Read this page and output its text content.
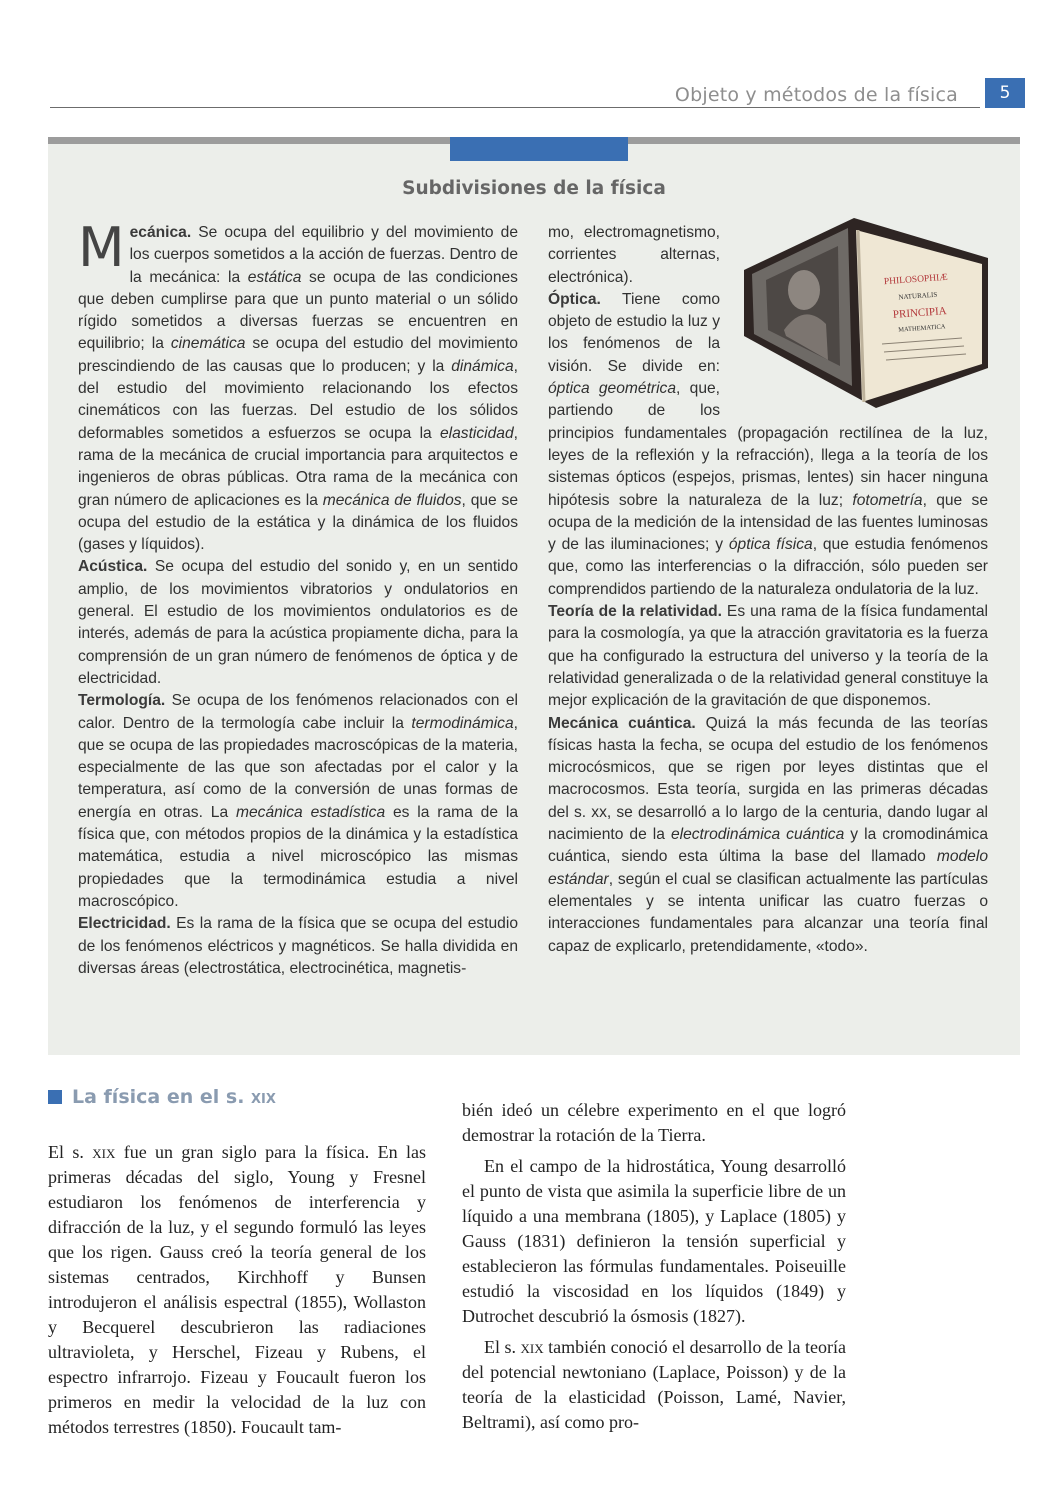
Objeto y métodos de la física	5
Subdivisiones de la física

Mecánica. Se ocupa del equilibrio y del movimiento de los cuerpos sometidos a la acción de fuerzas. Dentro de la mecánica: la estática se ocupa de las condiciones que deben cumplirse para que un punto material o un sólido rígido sometidos a diversas fuerzas se encuentren en equilibrio; la cinemática se ocupa del estudio del movimiento prescindiendo de las causas que lo producen; y la dinámica, del estudio del movimiento relacionando los efectos cinemáticos con las fuerzas. Del estudio de los sólidos deformables sometidos a esfuerzos se ocupa la elasticidad, rama de la mecánica de crucial importancia para arquitectos e ingenieros de obras públicas. Otra rama de la mecánica con gran número de aplicaciones es la mecánica de fluidos, que se ocupa del estudio de la estática y la dinámica de los fluidos (gases y líquidos).

Acústica. Se ocupa del estudio del sonido y, en un sentido amplio, de los movimientos vibratorios y ondulatorios en general. El estudio de los movimientos ondulatorios es de interés, además de para la acústica propiamente dicha, para la comprensión de un gran número de fenómenos de óptica y de electricidad.

Termología. Se ocupa de los fenómenos relacionados con el calor. Dentro de la termología cabe incluir la termodinámica, que se ocupa de las propiedades macroscópicas de la materia, especialmente de las que son afectadas por el calor y la temperatura, así como de la conversión de unas formas de energía en otras. La mecánica estadística es la rama de la física que, con métodos propios de la dinámica y la estadística matemática, estudia a nivel microscópico las mismas propiedades que la termodinámica estudia a nivel macroscópico.

Electricidad. Es la rama de la física que se ocupa del estudio de los fenómenos eléctricos y magnéticos. Se halla dividida en diversas áreas (electrostática, electrocinética, magnetis-

PHILOSOPHIÆ
NATURALIS
PRINCIPIA
MATHEMATICA

mo, electromagnetismo, corrientes alternas, electrónica).

Óptica. Tiene como objeto de estudio la luz y los fenómenos de la visión. Se divide en: óptica geométrica, que, partiendo de los principios fundamentales (propagación rectilínea de la luz, leyes de la reflexión y la refracción), llega a la teoría de los sistemas ópticos (espejos, prismas, lentes) sin hacer ninguna hipótesis sobre la naturaleza de la luz; fotometría, que se ocupa de la medición de la intensidad de las fuentes luminosas y de las iluminaciones; y óptica física, que estudia fenómenos que, como las interferencias o la difracción, sólo pueden ser comprendidos partiendo de la naturaleza ondulatoria de la luz.

Teoría de la relatividad. Es una rama de la física fundamental para la cosmología, ya que la atracción gravitatoria es la fuerza que ha configurado la estructura del universo y la teoría de la relatividad generalizada o de la relatividad general constituye la mejor explicación de la gravitación de que disponemos.

Mecánica cuántica. Quizá la más fecunda de las teorías físicas hasta la fecha, se ocupa del estudio de los fenómenos microcósmicos, que se rigen por leyes distintas que el macrocosmos. Esta teoría, surgida en las primeras décadas del s. xx, se desarrolló a lo largo de la centuria, dando lugar al nacimiento de la electrodinámica cuántica y la cromodinámica cuántica, siendo esta última la base del llamado modelo estándar, según el cual se clasifican actualmente las partículas elementales y se intenta unificar las cuatro fuerzas o interacciones fundamentales para alcanzar una teoría final capaz de explicarlo, pretendidamente, «todo».

La física en el s. xix

El s. xix fue un gran siglo para la física. En las primeras décadas del siglo, Young y Fresnel estudiaron los fenómenos de interferencia y difracción de la luz, y el segundo formuló las leyes que los rigen. Gauss creó la teoría general de los sistemas centrados, Kirchhoff y Bunsen introdujeron el análisis espectral (1855), Wollaston y Becquerel descubrieron las radiaciones ultravioleta, y Herschel, Fizeau y Rubens, el espectro infrarrojo. Fizeau y Foucault fueron los primeros en medir la velocidad de la luz con métodos terrestres (1850). Foucault tam-

bién ideó un célebre experimento en el que logró demostrar la rotación de la Tierra.

En el campo de la hidrostática, Young desarrolló el punto de vista que asimila la superficie libre de un líquido a una membrana (1805), y Laplace (1805) y Gauss (1831) definieron la tensión superficial y establecieron las fórmulas fundamentales. Poiseuille estudió la viscosidad en los líquidos (1849) y Dutrochet descubrió la ósmosis (1827).

El s. xix también conoció el desarrollo de la teoría del potencial newtoniano (Laplace, Poisson) y de la teoría de la elasticidad (Poisson, Lamé, Navier, Beltrami), así como pro-
